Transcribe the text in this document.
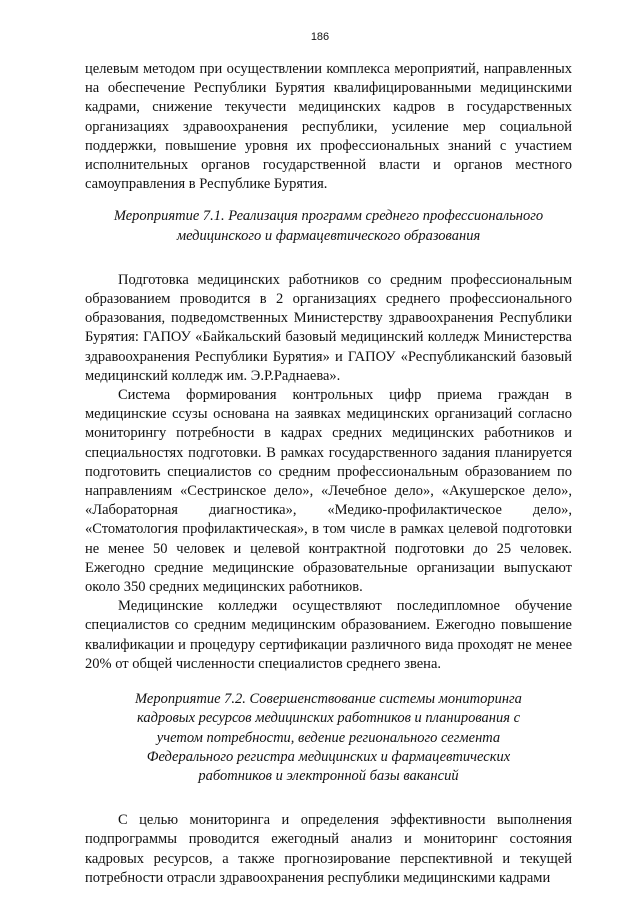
186

целевым методом при осуществлении комплекса мероприятий, направленных на обеспечение Республики Бурятия квалифицированными медицинскими кадрами, снижение текучести медицинских кадров в государственных организациях здравоохранения республики, усиление мер социальной поддержки, повышение уровня их профессиональных знаний с участием исполнительных органов государственной власти и органов местного самоуправления в Республике Бурятия.

Мероприятие 7.1. Реализация программ среднего профессионального медицинского и фармацевтического образования

Подготовка медицинских работников со средним профессиональным образованием проводится в 2 организациях среднего профессионального образования, подведомственных Министерству здравоохранения Республики Бурятия: ГАПОУ «Байкальский базовый медицинский колледж Министерства здравоохранения Республики Бурятия» и ГАПОУ «Республиканский базовый медицинский колледж им. Э.Р.Раднаева».

Система формирования контрольных цифр приема граждан в медицинские ссузы основана на заявках медицинских организаций согласно мониторингу потребности в кадрах средних медицинских работников и специальностях подготовки. В рамках государственного задания планируется подготовить специалистов со средним профессиональным образованием по направлениям «Сестринское дело», «Лечебное дело», «Акушерское дело», «Лабораторная диагностика», «Медико-профилактическое дело», «Стоматология профилактическая», в том числе в рамках целевой подготовки не менее 50 человек и целевой контрактной подготовки до 25 человек. Ежегодно средние медицинские образовательные организации выпускают около 350 средних медицинских работников.

Медицинские колледжи осуществляют последипломное обучение специалистов со средним медицинским образованием. Ежегодно повышение квалификации и процедуру сертификации различного вида проходят не менее 20% от общей численности специалистов среднего звена.

Мероприятие 7.2. Совершенствование системы мониторинга кадровых ресурсов медицинских работников и планирования с учетом потребности, ведение регионального сегмента Федерального регистра медицинских и фармацевтических работников и электронной базы вакансий

С целью мониторинга и определения эффективности выполнения подпрограммы проводится ежегодный анализ и мониторинг состояния кадровых ресурсов, а также прогнозирование перспективной и текущей потребности отрасли здравоохранения республики медицинскими кадрами
